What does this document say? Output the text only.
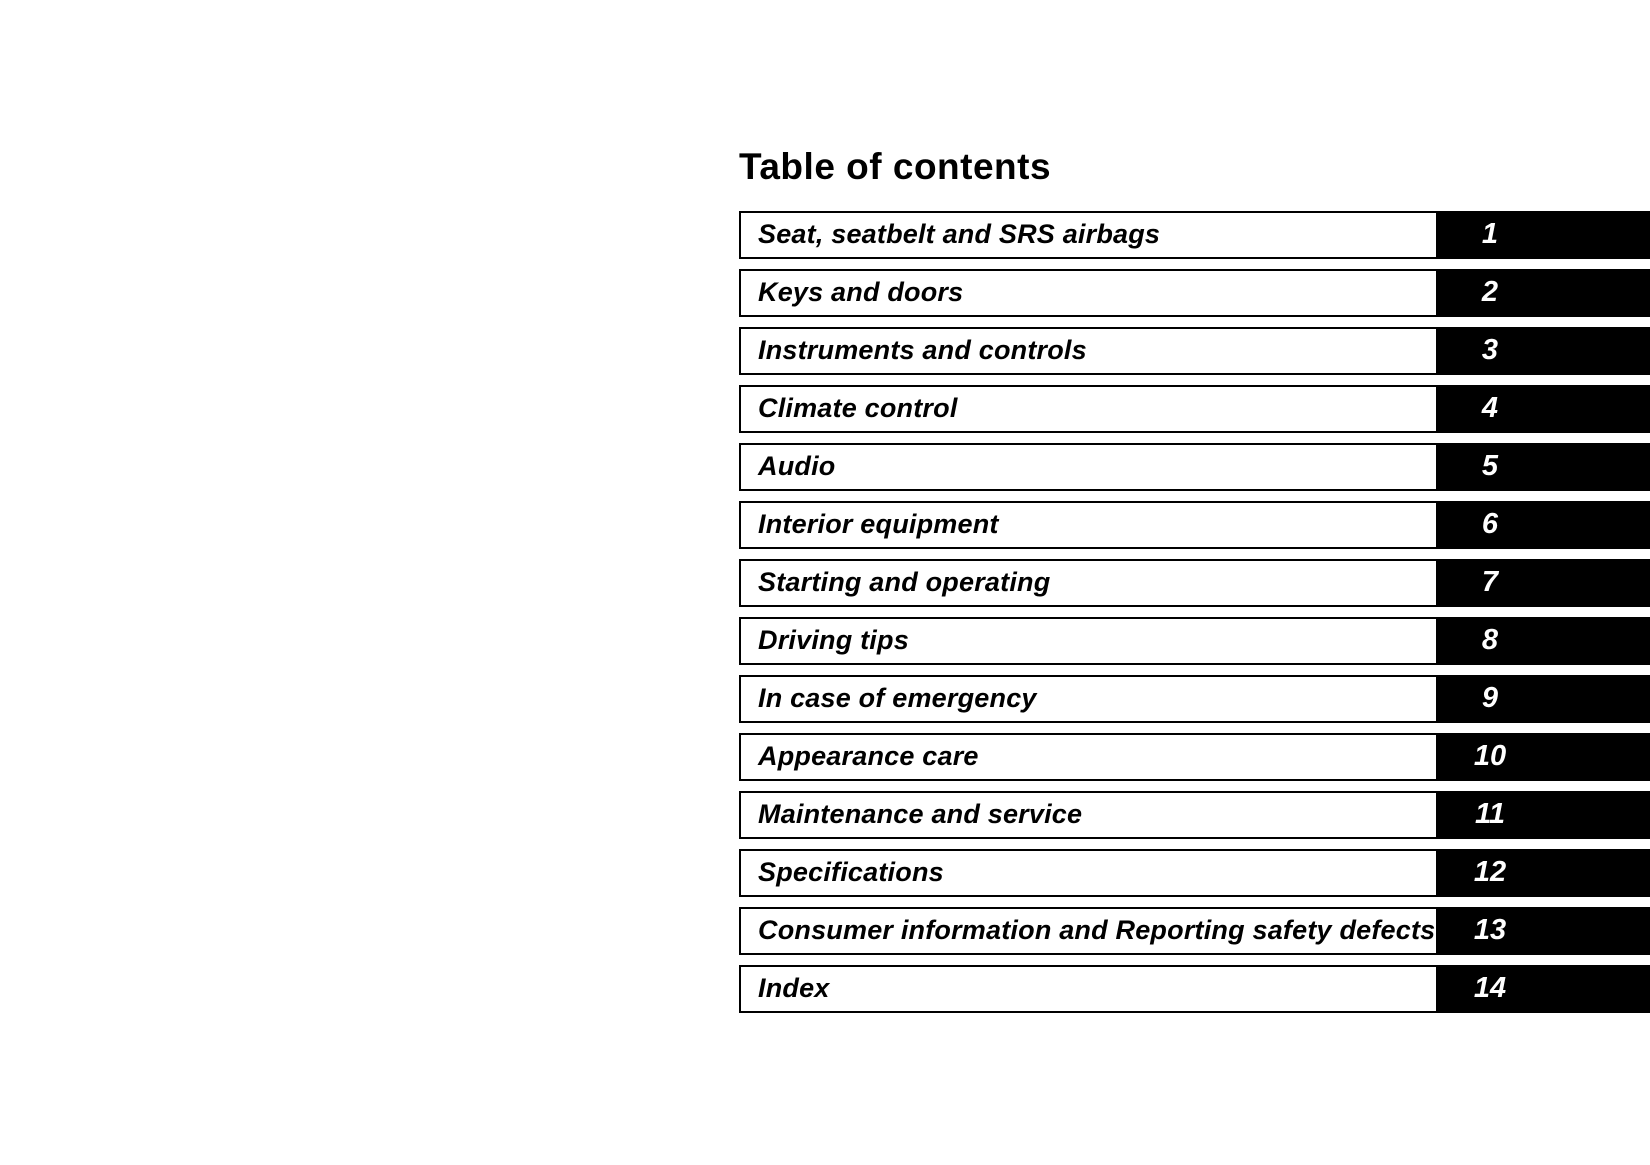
Table of contents
Seat, seatbelt and SRS airbags	1
Keys and doors	2
Instruments and controls	3
Climate control	4
Audio	5
Interior equipment	6
Starting and operating	7
Driving tips	8
In case of emergency	9
Appearance care	10
Maintenance and service	11
Specifications	12
Consumer information and Reporting safety defects	13
Index	14
